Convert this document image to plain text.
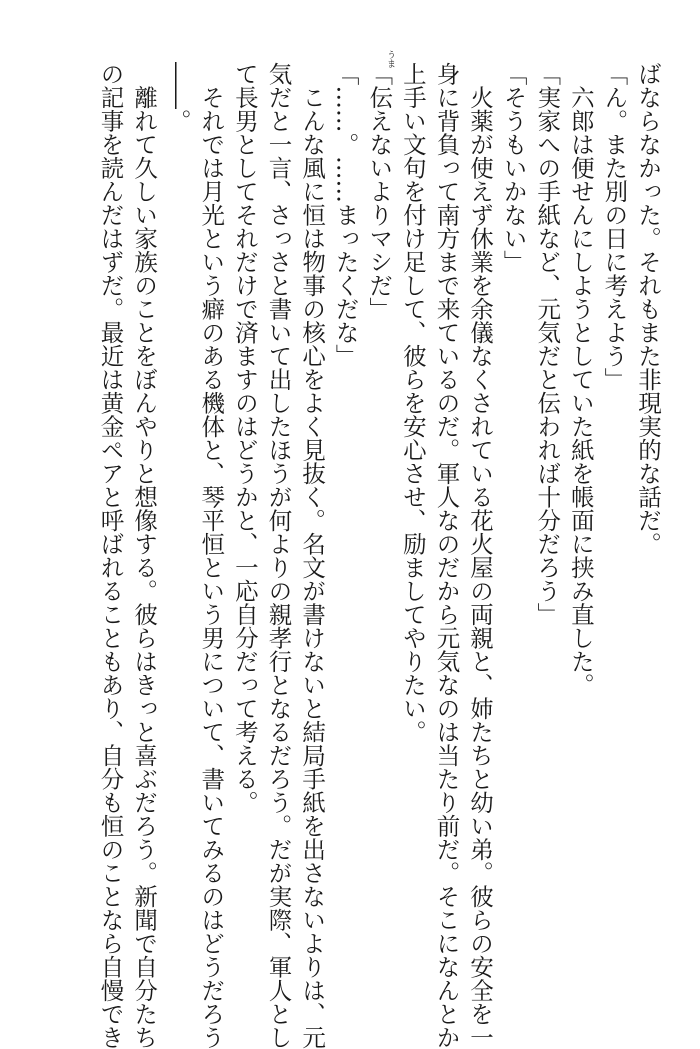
ばならなかった。それもまた非現実的な話だ。
「ん。また別の日に考えよう」
　六郎は便せんにしようとしていた紙を帳面に挟み直した。
「実家への手紙など、元気だと伝われば十分だろう」
「そうもいかない」
　火薬が使えず休業を余儀なくされている花火屋の両親と、姉たちと幼い弟。彼らの安全を一
身に背負って南方まで来ているのだ。軍人なのだから元気なのは当たり前だ。そこになんとか
上手い文句を付け足して、彼らを安心させ、励ましてやりたい。
「伝えないよりマシだ」
「……。……まったくだな」
　こんな風に恒は物事の核心をよく見抜く。名文が書けないと結局手紙を出さないよりは、元
気だと一言、さっさと書いて出したほうが何よりの親孝行となるだろう。だが実際、軍人とし
て長男としてそれだけで済ますのはどうかと、一応自分だって考える。
　それでは月光という癖のある機体と、琴平恒という男について、書いてみるのはどうだろう
――。
　離れて久しい家族のことをぼんやりと想像する。彼らはきっと喜ぶだろう。新聞で自分たち
の記事を読んだはずだ。最近は黄金ペアと呼ばれることもあり、自分も恒のことなら自慢でき
うま
